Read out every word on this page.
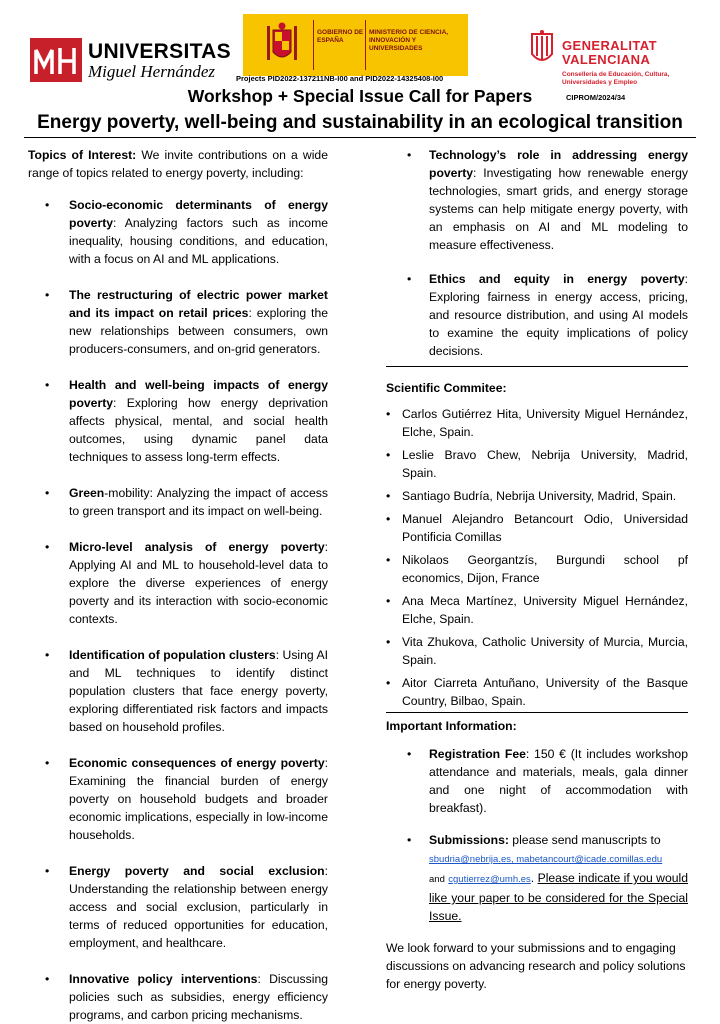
UNIVERSITAS
Miguel Hernández
GOBIERNO DE ESPAÑA
MINISTERIO DE CIENCIA, INNOVACIÓN Y UNIVERSIDADES
Projects PID2022-137211NB-I00 and PID2022-14325408-I00
GENERALITAT
VALENCIANA
Conselleria de Educación, Cultura, Universidades y Empleo
CIPROM/2024/34
Workshop + Special Issue Call for Papers
Energy poverty, well-being and sustainability in an ecological transition

Topics of Interest: We invite contributions on a wide range of topics related to energy poverty, including:

• Socio-economic determinants of energy poverty: Analyzing factors such as income inequality, housing conditions, and education, with a focus on AI and ML applications.
• The restructuring of electric power market and its impact on retail prices: exploring the new relationships between consumers, own producers-consumers, and on-grid generators.
• Health and well-being impacts of energy poverty: Exploring how energy deprivation affects physical, mental, and social health outcomes, using dynamic panel data techniques to assess long-term effects.
• Green-mobility: Analyzing the impact of access to green transport and its impact on well-being.
• Micro-level analysis of energy poverty: Applying AI and ML to household-level data to explore the diverse experiences of energy poverty and its interaction with socio-economic contexts.
• Identification of population clusters: Using AI and ML techniques to identify distinct population clusters that face energy poverty, exploring differentiated risk factors and impacts based on household profiles.
• Economic consequences of energy poverty: Examining the financial burden of energy poverty on household budgets and broader economic implications, especially in low-income households.
• Energy poverty and social exclusion: Understanding the relationship between energy access and social exclusion, particularly in terms of reduced opportunities for education, employment, and healthcare.
• Innovative policy interventions: Discussing policies such as subsidies, energy efficiency programs, and carbon pricing mechanisms.
• Technology’s role in addressing energy poverty: Investigating how renewable energy technologies, smart grids, and energy storage systems can help mitigate energy poverty, with an emphasis on AI and ML modeling to measure effectiveness.
• Ethics and equity in energy poverty: Exploring fairness in energy access, pricing, and resource distribution, and using AI models to examine the equity implications of policy decisions.
Scientific Commitee:
• Carlos Gutiérrez Hita, University Miguel Hernández, Elche, Spain.
• Leslie Bravo Chew, Nebrija University, Madrid, Spain.
• Santiago Budría, Nebrija University, Madrid, Spain.
• Manuel Alejandro Betancourt Odio, Universidad Pontificia Comillas
• Nikolaos Georgantzís, Burgundi school pf economics, Dijon, France
• Ana Meca Martínez, University Miguel Hernández, Elche, Spain.
• Vita Zhukova, Catholic University of Murcia, Murcia, Spain.
• Aitor Ciarreta Antuñano, University of the Basque Country, Bilbao, Spain.
Important Information:
• Registration Fee: 150 € (It includes workshop attendance and materials, meals, gala dinner and one night of accommodation with breakfast).
• Submissions: please send manuscripts to
sbudria@nebrija.es, mabetancourt@icade.comillas.edu
and cgutierrez@umh.es. Please indicate if you would like your paper to be considered for the Special Issue.

We look forward to your submissions and to engaging discussions on advancing research and policy solutions for energy poverty.
